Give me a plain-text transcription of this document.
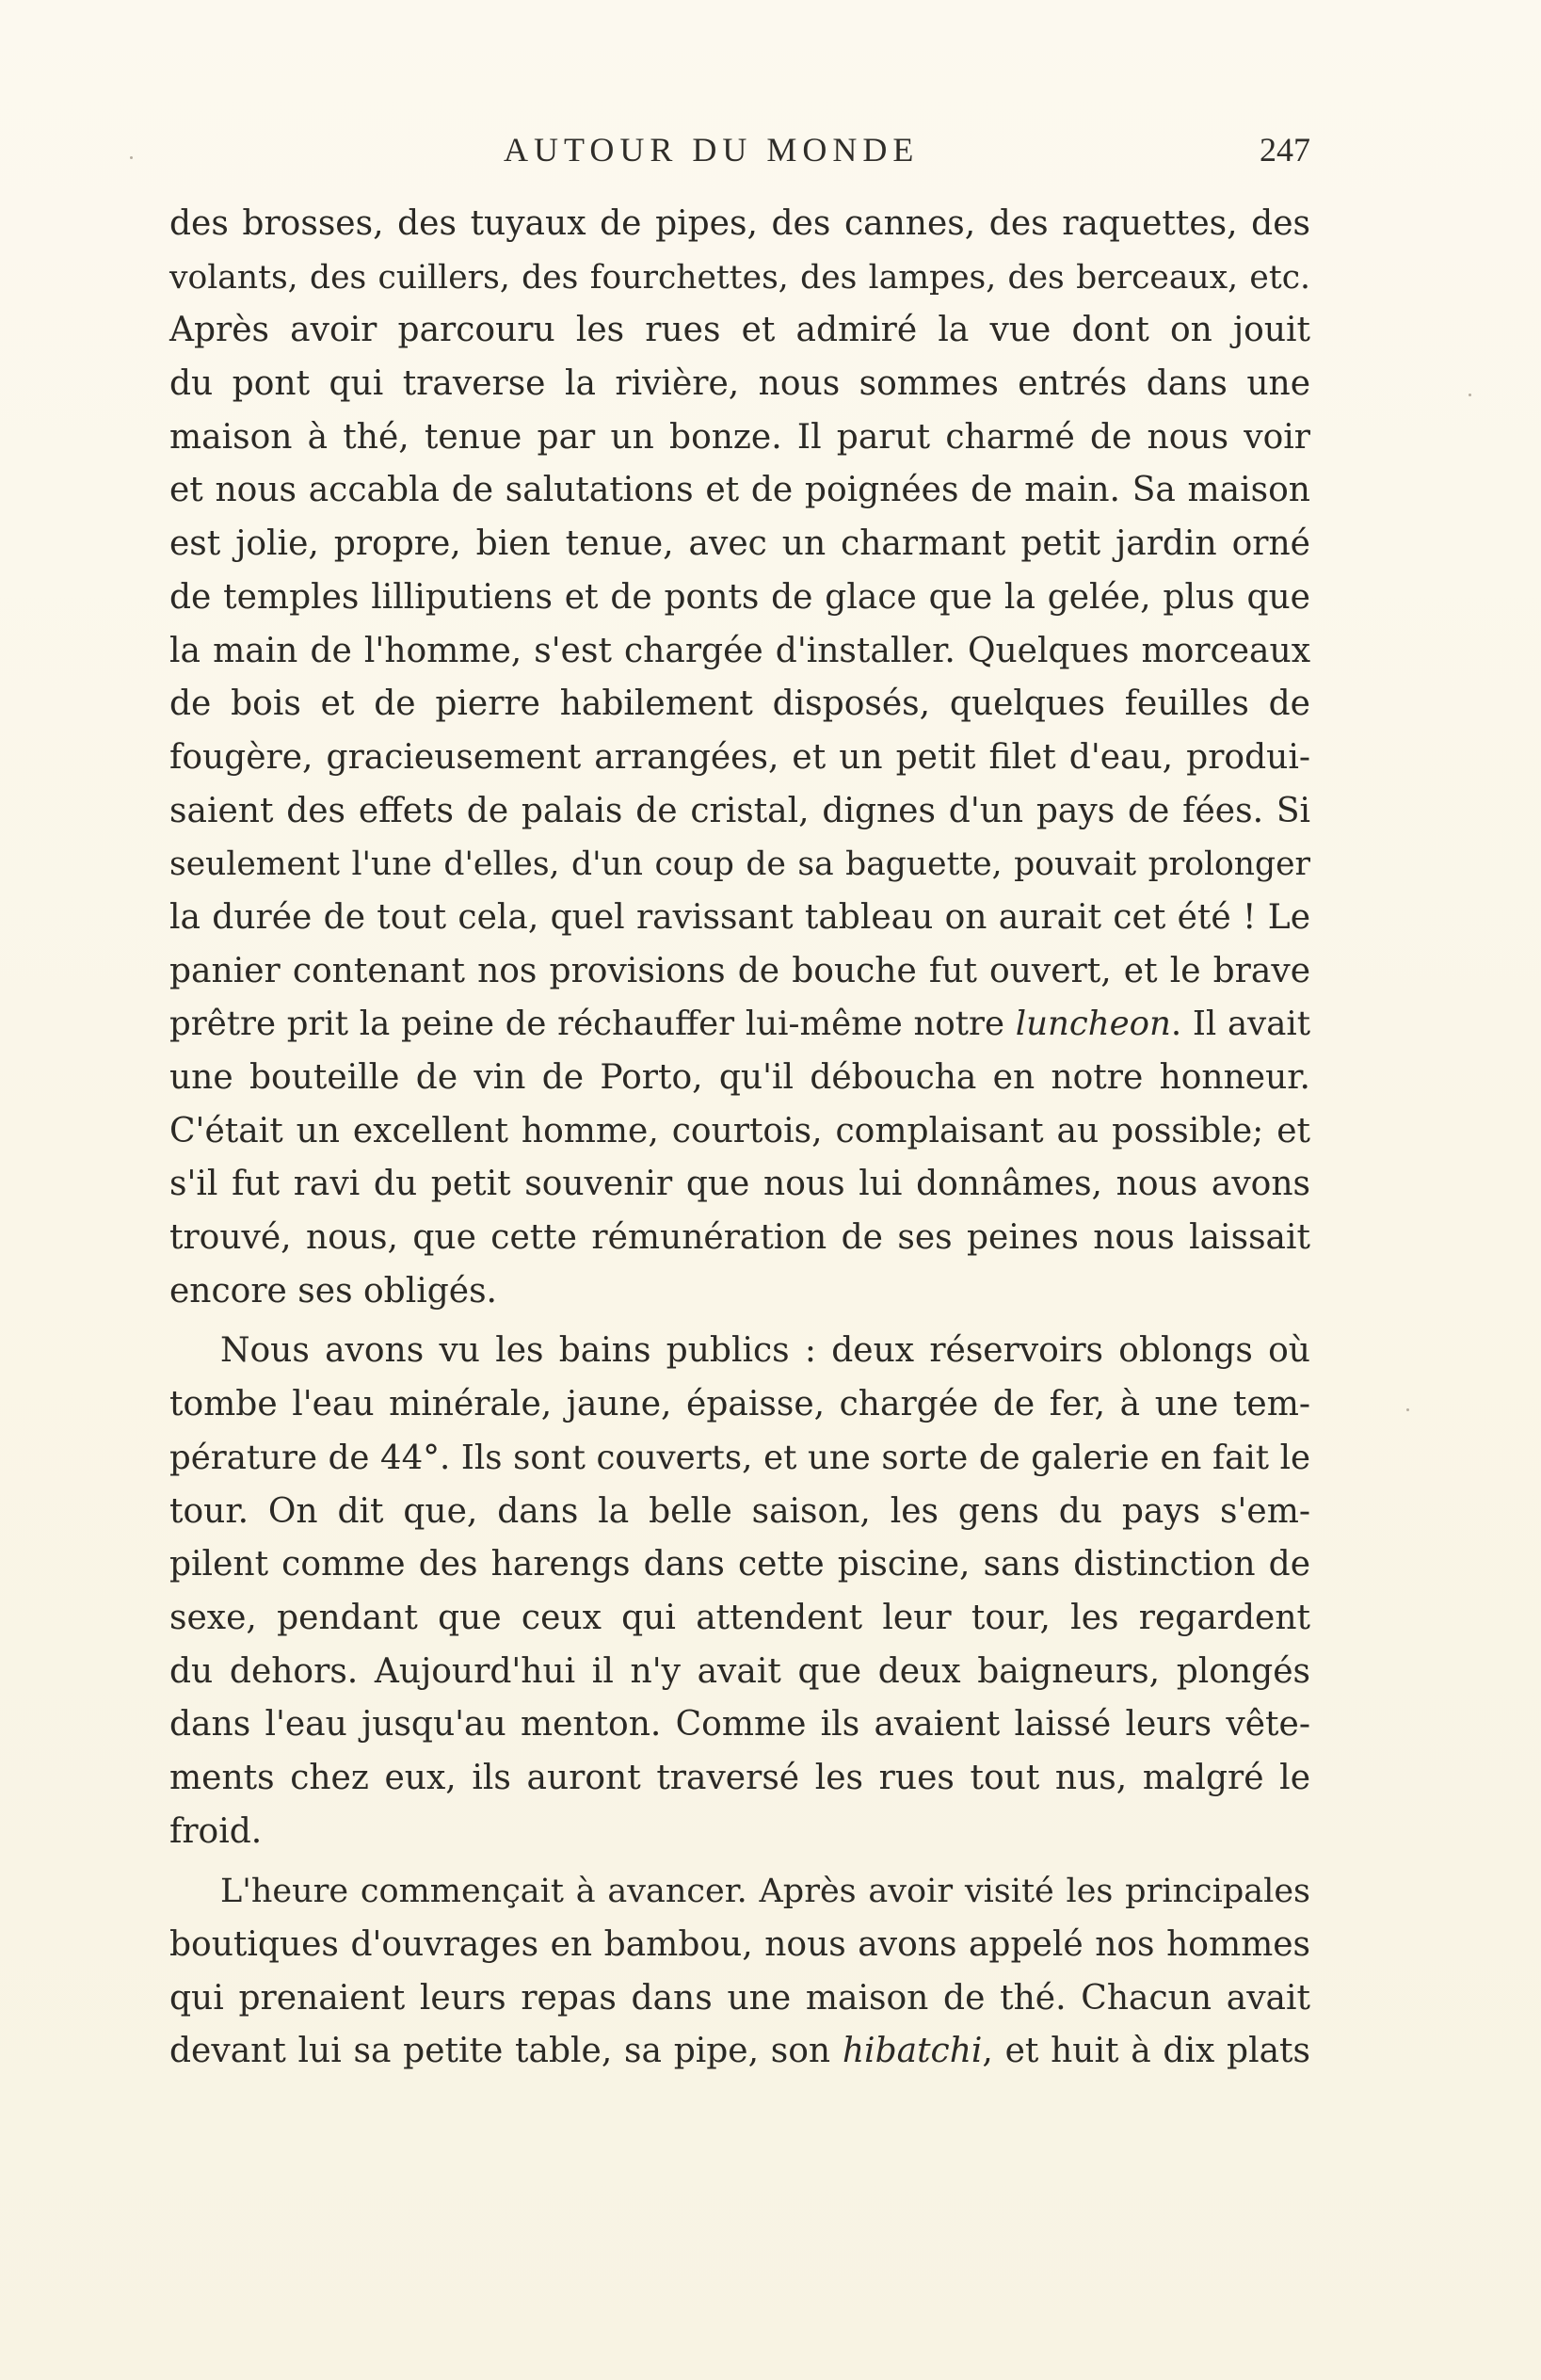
AUTOUR DU MONDE	247
des brosses, des tuyaux de pipes, des cannes, des raquettes, des
volants, des cuillers, des fourchettes, des lampes, des berceaux, etc.
Après avoir parcouru les rues et admiré la vue dont on jouit
du pont qui traverse la rivière, nous sommes entrés dans une
maison à thé, tenue par un bonze. Il parut charmé de nous voir
et nous accabla de salutations et de poignées de main. Sa maison
est jolie, propre, bien tenue, avec un charmant petit jardin orné
de temples lilliputiens et de ponts de glace que la gelée, plus que
la main de l'homme, s'est chargée d'installer. Quelques morceaux
de bois et de pierre habilement disposés, quelques feuilles de
fougère, gracieusement arrangées, et un petit filet d'eau, produi-
saient des effets de palais de cristal, dignes d'un pays de fées. Si
seulement l'une d'elles, d'un coup de sa baguette, pouvait prolonger
la durée de tout cela, quel ravissant tableau on aurait cet été ! Le
panier contenant nos provisions de bouche fut ouvert, et le brave
prêtre prit la peine de réchauffer lui-même notre luncheon. Il avait
une bouteille de vin de Porto, qu'il déboucha en notre honneur.
C'était un excellent homme, courtois, complaisant au possible; et
s'il fut ravi du petit souvenir que nous lui donnâmes, nous avons
trouvé, nous, que cette rémunération de ses peines nous laissait
encore ses obligés.
Nous avons vu les bains publics : deux réservoirs oblongs où
tombe l'eau minérale, jaune, épaisse, chargée de fer, à une tem-
pérature de 44°. Ils sont couverts, et une sorte de galerie en fait le
tour. On dit que, dans la belle saison, les gens du pays s'em-
pilent comme des harengs dans cette piscine, sans distinction de
sexe, pendant que ceux qui attendent leur tour, les regardent
du dehors. Aujourd'hui il n'y avait que deux baigneurs, plongés
dans l'eau jusqu'au menton. Comme ils avaient laissé leurs vête-
ments chez eux, ils auront traversé les rues tout nus, malgré le
froid.
L'heure commençait à avancer. Après avoir visité les principales
boutiques d'ouvrages en bambou, nous avons appelé nos hommes
qui prenaient leurs repas dans une maison de thé. Chacun avait
devant lui sa petite table, sa pipe, son hibatchi, et huit à dix plats
